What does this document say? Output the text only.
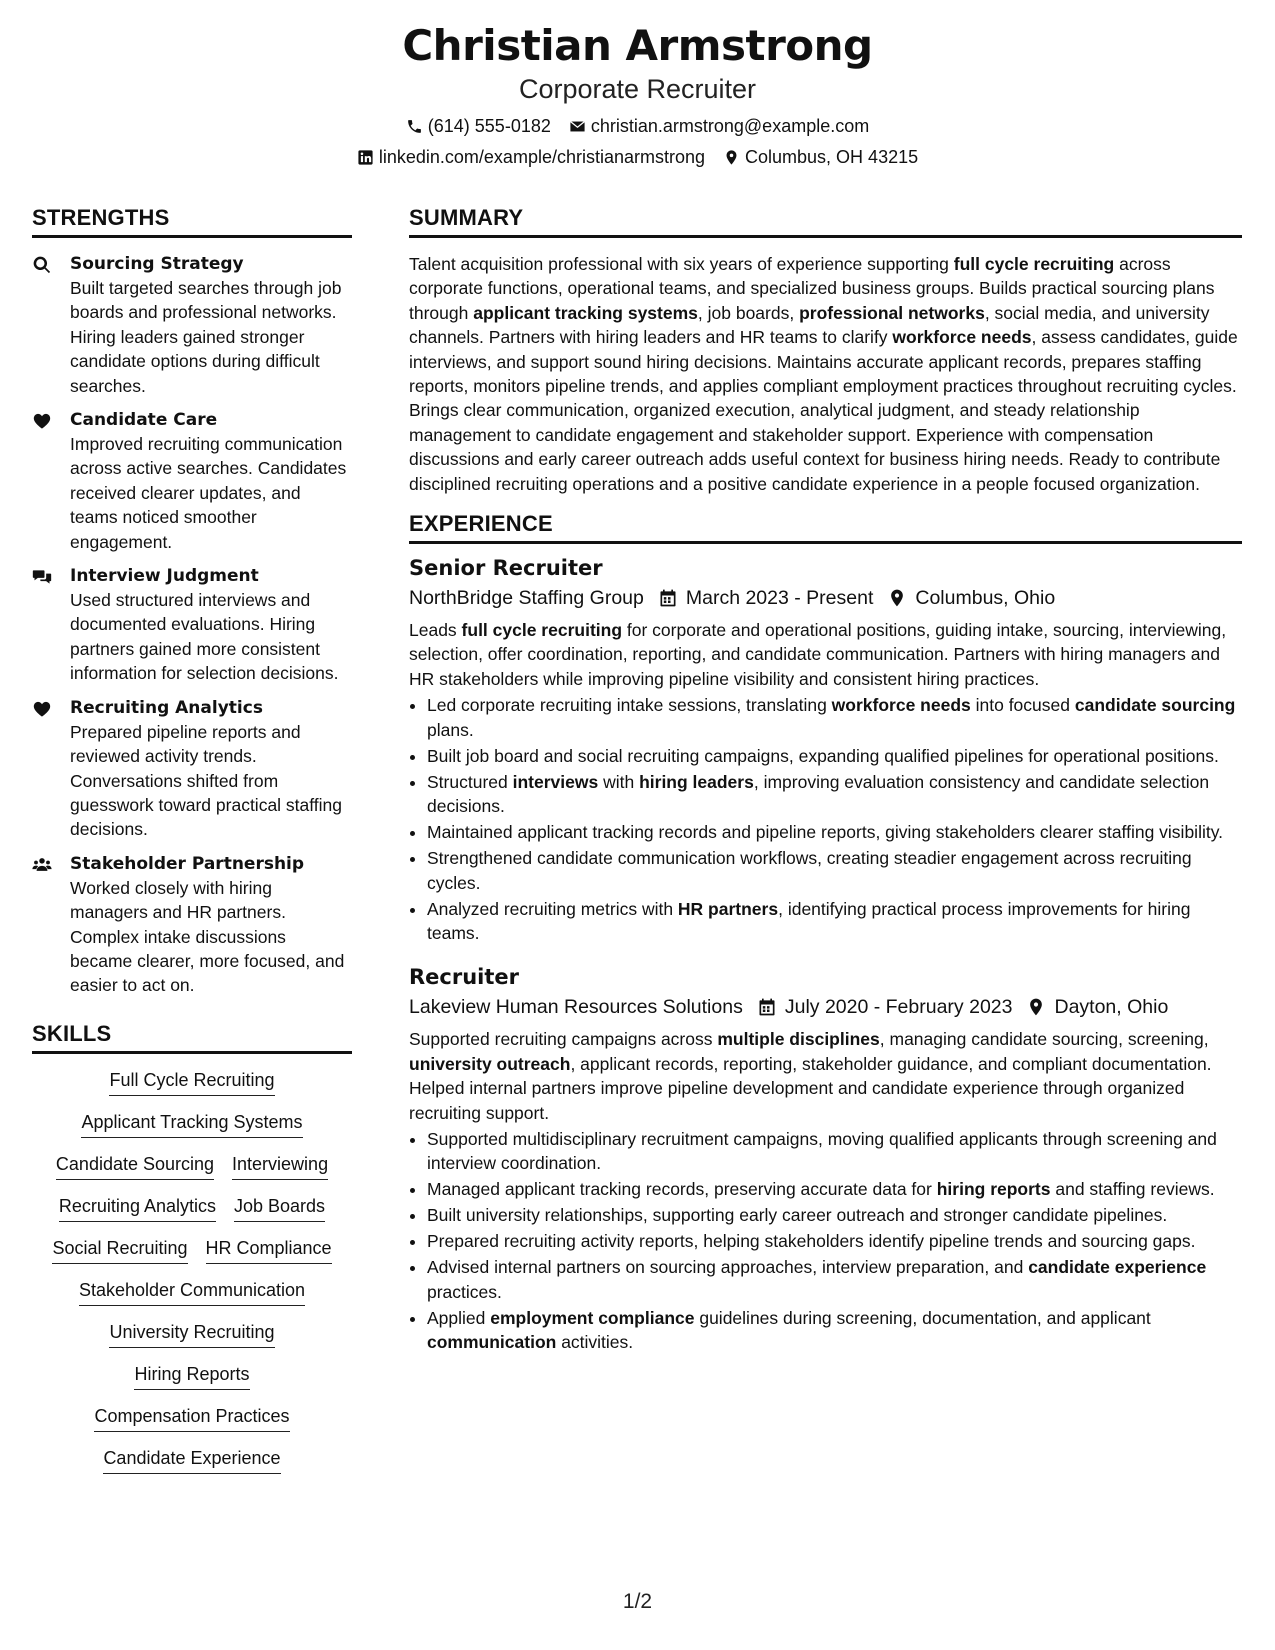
Christian Armstrong
Corporate Recruiter
(614) 555-0182 christian.armstrong@example.com
linkedin.com/example/christianarmstrong Columbus, OH 43215
STRENGTHS
Sourcing Strategy
Built targeted searches through job boards and professional networks. Hiring leaders gained stronger candidate options during difficult searches.
Candidate Care
Improved recruiting communication across active searches. Candidates received clearer updates, and teams noticed smoother engagement.
Interview Judgment
Used structured interviews and documented evaluations. Hiring partners gained more consistent information for selection decisions.
Recruiting Analytics
Prepared pipeline reports and reviewed activity trends. Conversations shifted from guesswork toward practical staffing decisions.
Stakeholder Partnership
Worked closely with hiring managers and HR partners. Complex intake discussions became clearer, more focused, and easier to act on.
SKILLS
Full Cycle Recruiting
Applicant Tracking Systems
Candidate Sourcing Interviewing
Recruiting Analytics Job Boards
Social Recruiting HR Compliance
Stakeholder Communication
University Recruiting
Hiring Reports
Compensation Practices
Candidate Experience
SUMMARY

Talent acquisition professional with six years of experience supporting full cycle recruiting across corporate functions, operational teams, and specialized business groups. Builds practical sourcing plans through applicant tracking systems, job boards, professional networks, social media, and university channels. Partners with hiring leaders and HR teams to clarify workforce needs, assess candidates, guide interviews, and support sound hiring decisions. Maintains accurate applicant records, prepares staffing reports, monitors pipeline trends, and applies compliant employment practices throughout recruiting cycles. Brings clear communication, organized execution, analytical judgment, and steady relationship management to candidate engagement and stakeholder support. Experience with compensation discussions and early career outreach adds useful context for business hiring needs. Ready to contribute disciplined recruiting operations and a positive candidate experience in a people focused organization.

EXPERIENCE
Senior Recruiter
NorthBridge Staffing Group March 2023 - Present Columbus, Ohio
Leads full cycle recruiting for corporate and operational positions, guiding intake, sourcing, interviewing, selection, offer coordination, reporting, and candidate communication. Partners with hiring managers and HR stakeholders while improving pipeline visibility and consistent hiring practices.
• Led corporate recruiting intake sessions, translating workforce needs into focused candidate sourcing plans.
• Built job board and social recruiting campaigns, expanding qualified pipelines for operational positions.
• Structured interviews with hiring leaders, improving evaluation consistency and candidate selection decisions.
• Maintained applicant tracking records and pipeline reports, giving stakeholders clearer staffing visibility.
• Strengthened candidate communication workflows, creating steadier engagement across recruiting cycles.
• Analyzed recruiting metrics with HR partners, identifying practical process improvements for hiring teams.
Recruiter
Lakeview Human Resources Solutions July 2020 - February 2023 Dayton, Ohio
Supported recruiting campaigns across multiple disciplines, managing candidate sourcing, screening, university outreach, applicant records, reporting, stakeholder guidance, and compliant documentation. Helped internal partners improve pipeline development and candidate experience through organized recruiting support.
• Supported multidisciplinary recruitment campaigns, moving qualified applicants through screening and interview coordination.
• Managed applicant tracking records, preserving accurate data for hiring reports and staffing reviews.
• Built university relationships, supporting early career outreach and stronger candidate pipelines.
• Prepared recruiting activity reports, helping stakeholders identify pipeline trends and sourcing gaps.
• Advised internal partners on sourcing approaches, interview preparation, and candidate experience practices.
• Applied employment compliance guidelines during screening, documentation, and applicant communication activities.
1/2
